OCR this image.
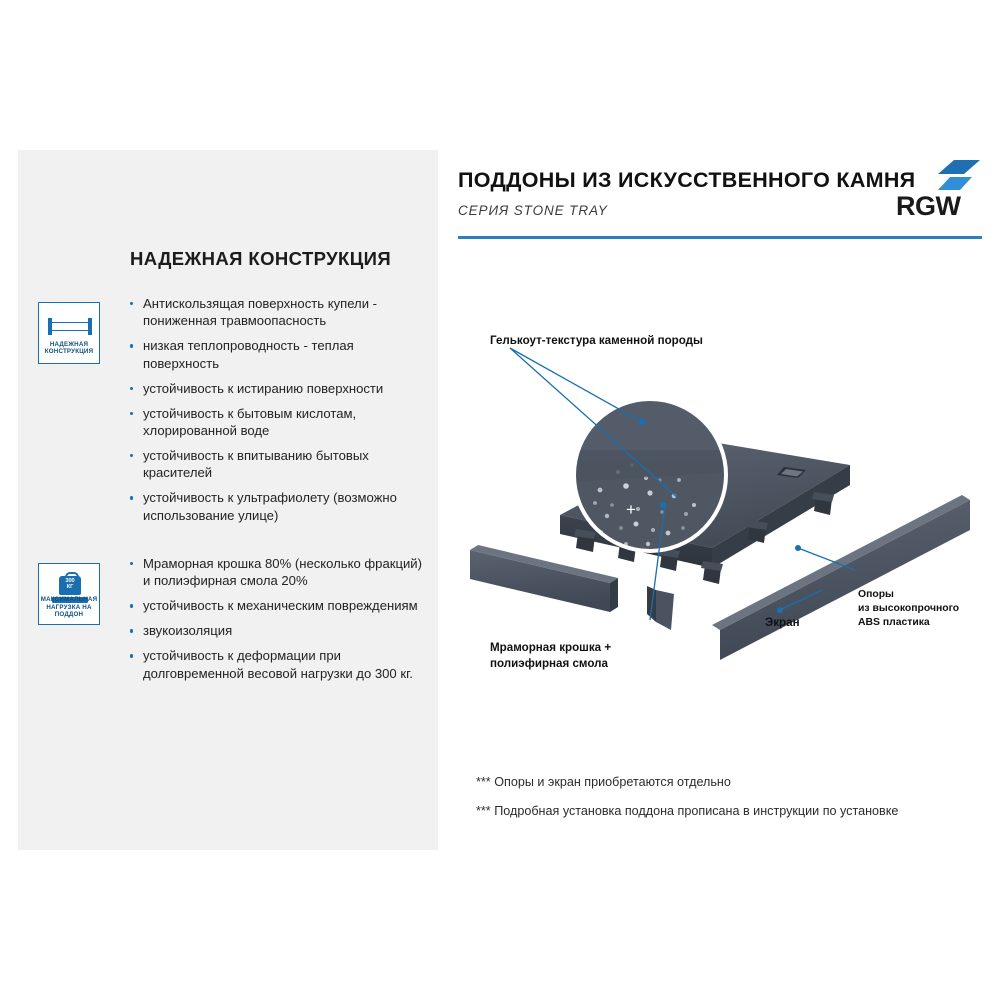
НАДЕЖНАЯ КОНСТРУКЦИЯ
НАДЕЖНАЯ
КОНСТРУКЦИЯ
300
КГ
МАКСИМАЛЬНАЯ
НАГРУЗКА НА ПОДДОН
Антискользящая поверхность купели - пониженная травмоопасность
низкая теплопроводность - теплая поверхность
устойчивость к истиранию поверхности
устойчивость к бытовым кислотам, хлорированной воде
устойчивость к впитыванию бытовых красителей
устойчивость к ультрафиолету (возможно использование улице)
Мраморная крошка 80% (несколько фракций) и полиэфирная смола 20%
устойчивость к механическим повреждениям
звукоизоляция
устойчивость к деформации при долговременной весовой нагрузки до 300 кг.
ПОДДОНЫ ИЗ ИСКУССТВЕННОГО КАМНЯ
СЕРИЯ STONE TRAY	RGW
+
Гелькоут-текстура каменной породы
Мраморная крошка +
полиэфирная смола
Экран
Опоры
из высокопрочного
ABS пластика
*** Опоры и экран приобретаются отдельно
*** Подробная установка поддона прописана в инструкции по установке
